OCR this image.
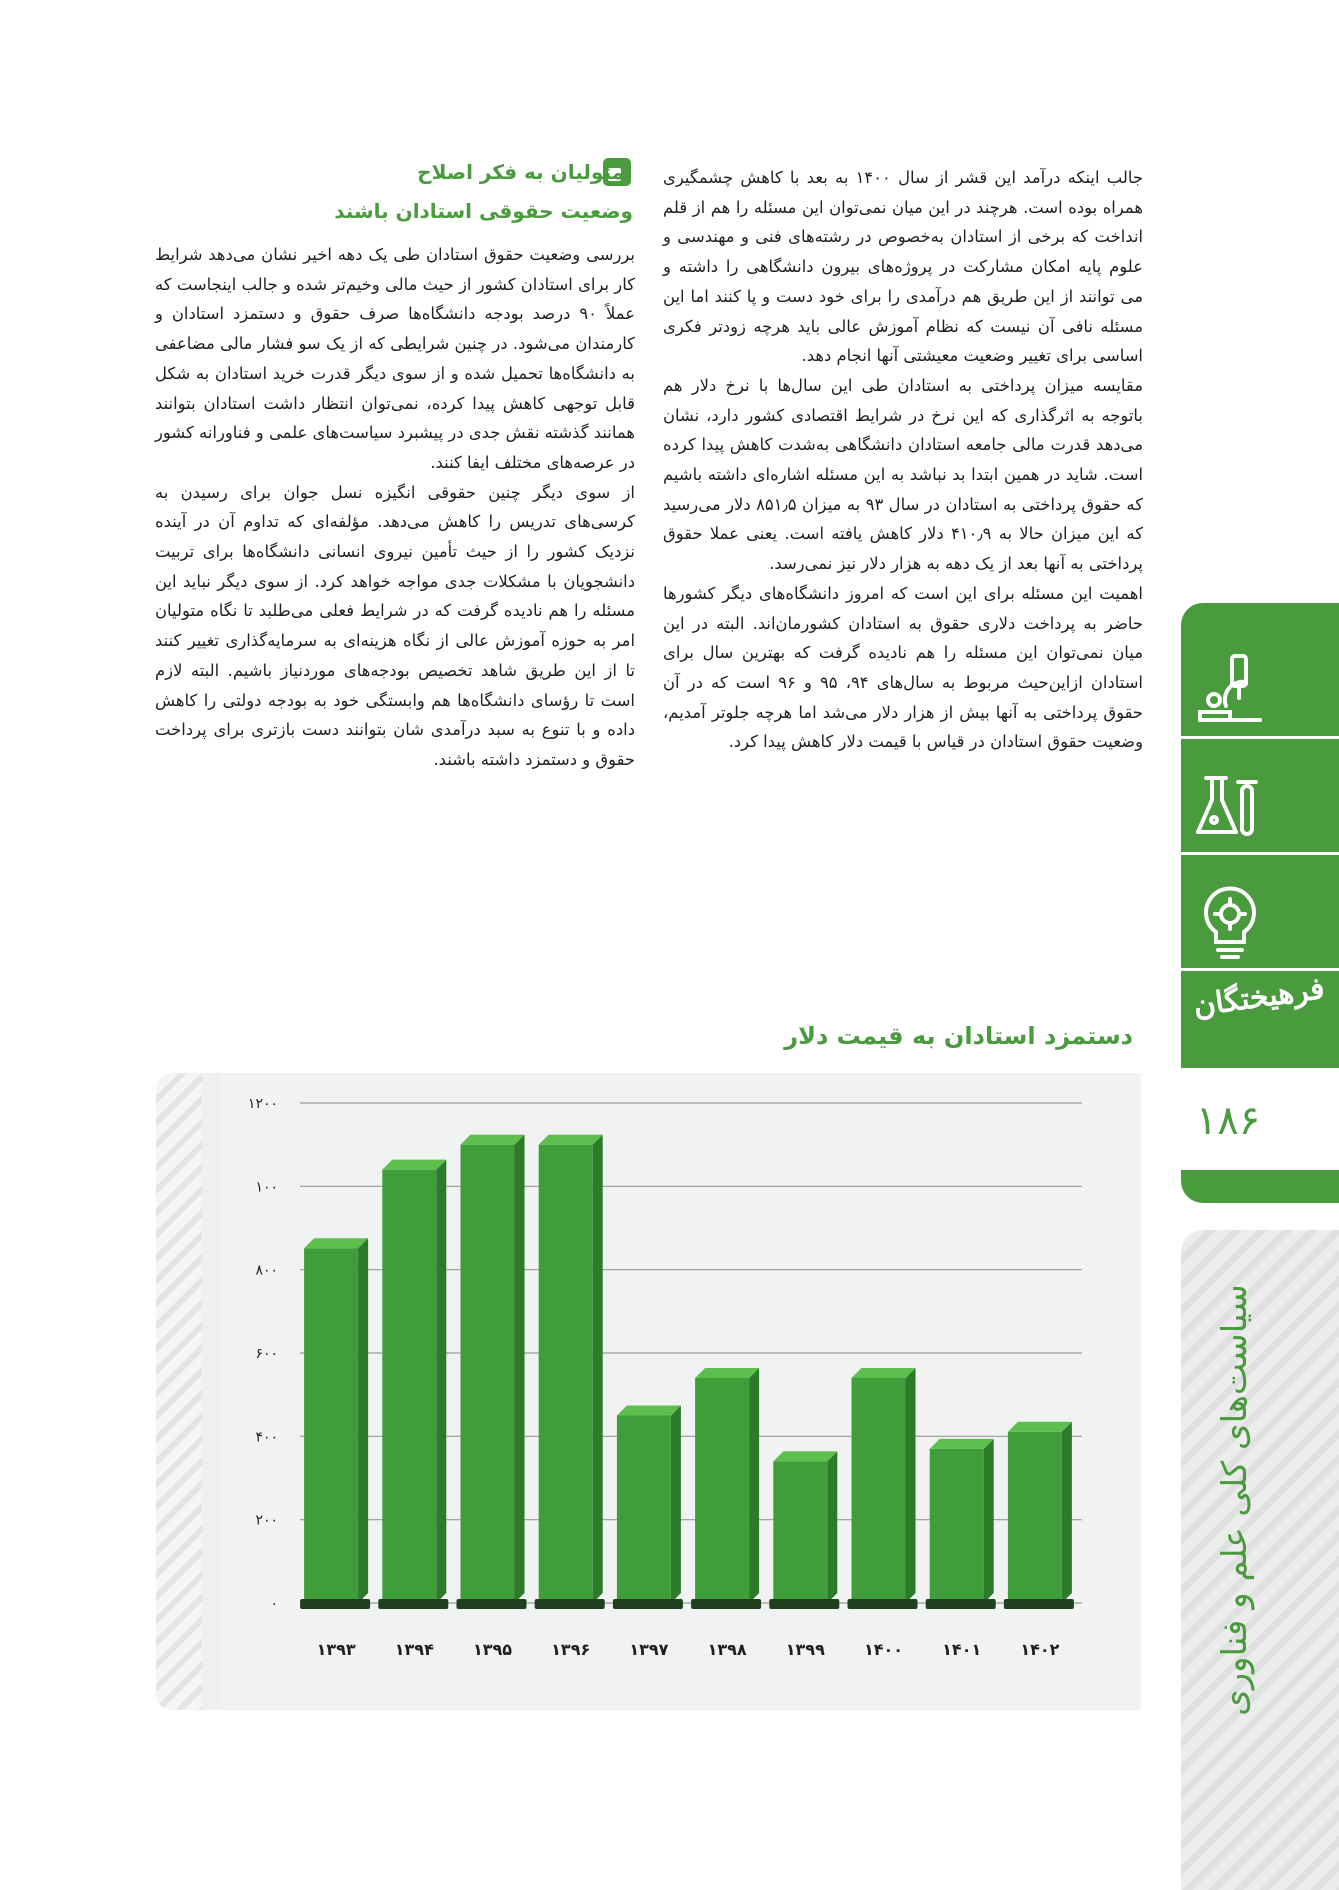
جالب اینکه درآمد این قشر از سال ۱۴۰۰ به بعد با کاهش چشمگیری همراه بوده است. هرچند در این میان نمی‌توان این مسئله را هم از قلم انداخت که برخی از استادان به‌خصوص در رشته‌های فنی و مهندسی و علوم پایه امکان مشارکت در پروژه‌های بیرون دانشگاهی را داشته و می توانند از این طریق هم درآمدی را برای خود دست و پا کنند اما این مسئله نافی آن نیست که نظام آموزش عالی باید هرچه زودتر فکری اساسی برای تغییر وضعیت معیشتی آنها انجام دهد.

مقایسه میزان پرداختی به استادان طی این سال‌ها با نرخ دلار هم باتوجه به اثرگذاری که این نرخ در شرایط اقتصادی کشور دارد، نشان می‌دهد قدرت مالی جامعه استادان دانشگاهی به‌شدت کاهش پیدا کرده است. شاید در همین ابتدا بد نباشد به این مسئله اشاره‌ای داشته باشیم که حقوق پرداختی به استادان در سال ۹۳ به میزان ۸۵۱٫۵ دلار می‌رسید که این میزان حالا به ۴۱۰٫۹ دلار کاهش یافته است. یعنی عملا حقوق پرداختی به آنها بعد از یک دهه به هزار دلار نیز نمی‌رسد.

اهمیت این مسئله برای این است که امروز دانشگاه‌های دیگر کشورها حاضر به پرداخت دلاری حقوق به استادان کشورمان‌اند. البته در این میان نمی‌توان این مسئله را هم نادیده گرفت که بهترین سال برای استادان ازاین‌حیث مربوط به سال‌های ۹۴، ۹۵ و ۹۶ است که در آن حقوق پرداختی به آنها بیش از هزار دلار می‌شد اما هرچه جلوتر آمدیم، وضعیت حقوق استادان در قیاس با قیمت دلار کاهش پیدا کرد.

متولیان به فکر اصلاح
وضعیت حقوقی استادان باشند

بررسی وضعیت حقوق استادان طی یک دهه اخیر نشان می‌دهد شرایط کار برای استادان کشور از حیث مالی وخیم‌تر شده و جالب اینجاست که عملاً ۹۰ درصد بودجه دانشگاه‌ها صرف حقوق و دستمزد استادان و کارمندان می‌شود. در چنین شرایطی که از یک سو فشار مالی مضاعفی به دانشگاه‌ها تحمیل شده و از سوی دیگر قدرت خرید استادان به شکل قابل توجهی کاهش پیدا کرده، نمی‌توان انتظار داشت استادان بتوانند همانند گذشته نقش جدی در پیشبرد سیاست‌های علمی و فناورانه کشور در عرصه‌های مختلف ایفا کنند.

از سوی دیگر چنین حقوقی انگیزه نسل جوان برای رسیدن به کرسی‌های تدریس را کاهش می‌دهد. مؤلفه‌ای که تداوم آن در آینده نزدیک کشور را از حیث تأمین نیروی انسانی دانشگاه‌ها برای تربیت دانشجویان با مشکلات جدی مواجه خواهد کرد. از سوی دیگر نباید این مسئله را هم نادیده گرفت که در شرایط فعلی می‌طلبد تا نگاه متولیان امر به حوزه آموزش عالی از نگاه هزینه‌ای به سرمایه‌گذاری تغییر کنند تا از این طریق شاهد تخصیص بودجه‌های موردنیاز باشیم. البته لازم است تا رؤسای دانشگاه‌ها هم وابستگی خود به بودجه دولتی را کاهش داده و با تنوع به سبد درآمدی شان بتوانند دست بازتری برای پرداخت حقوق و دستمزد داشته باشند.

دستمزد استادان به قیمت دلار
۰
۲۰۰
۴۰۰
۶۰۰
۸۰۰
۱۰۰
۱۲۰۰
۱۳۹۳ ۱۳۹۴ ۱۳۹۵ ۱۳۹۶ ۱۳۹۷ ۱۳۹۸ ۱۳۹۹ ۱۴۰۰ ۱۴۰۱ ۱۴۰۲
فرهیختگان
۱۸۶
سیاست‌های کلی علم و فناوری
